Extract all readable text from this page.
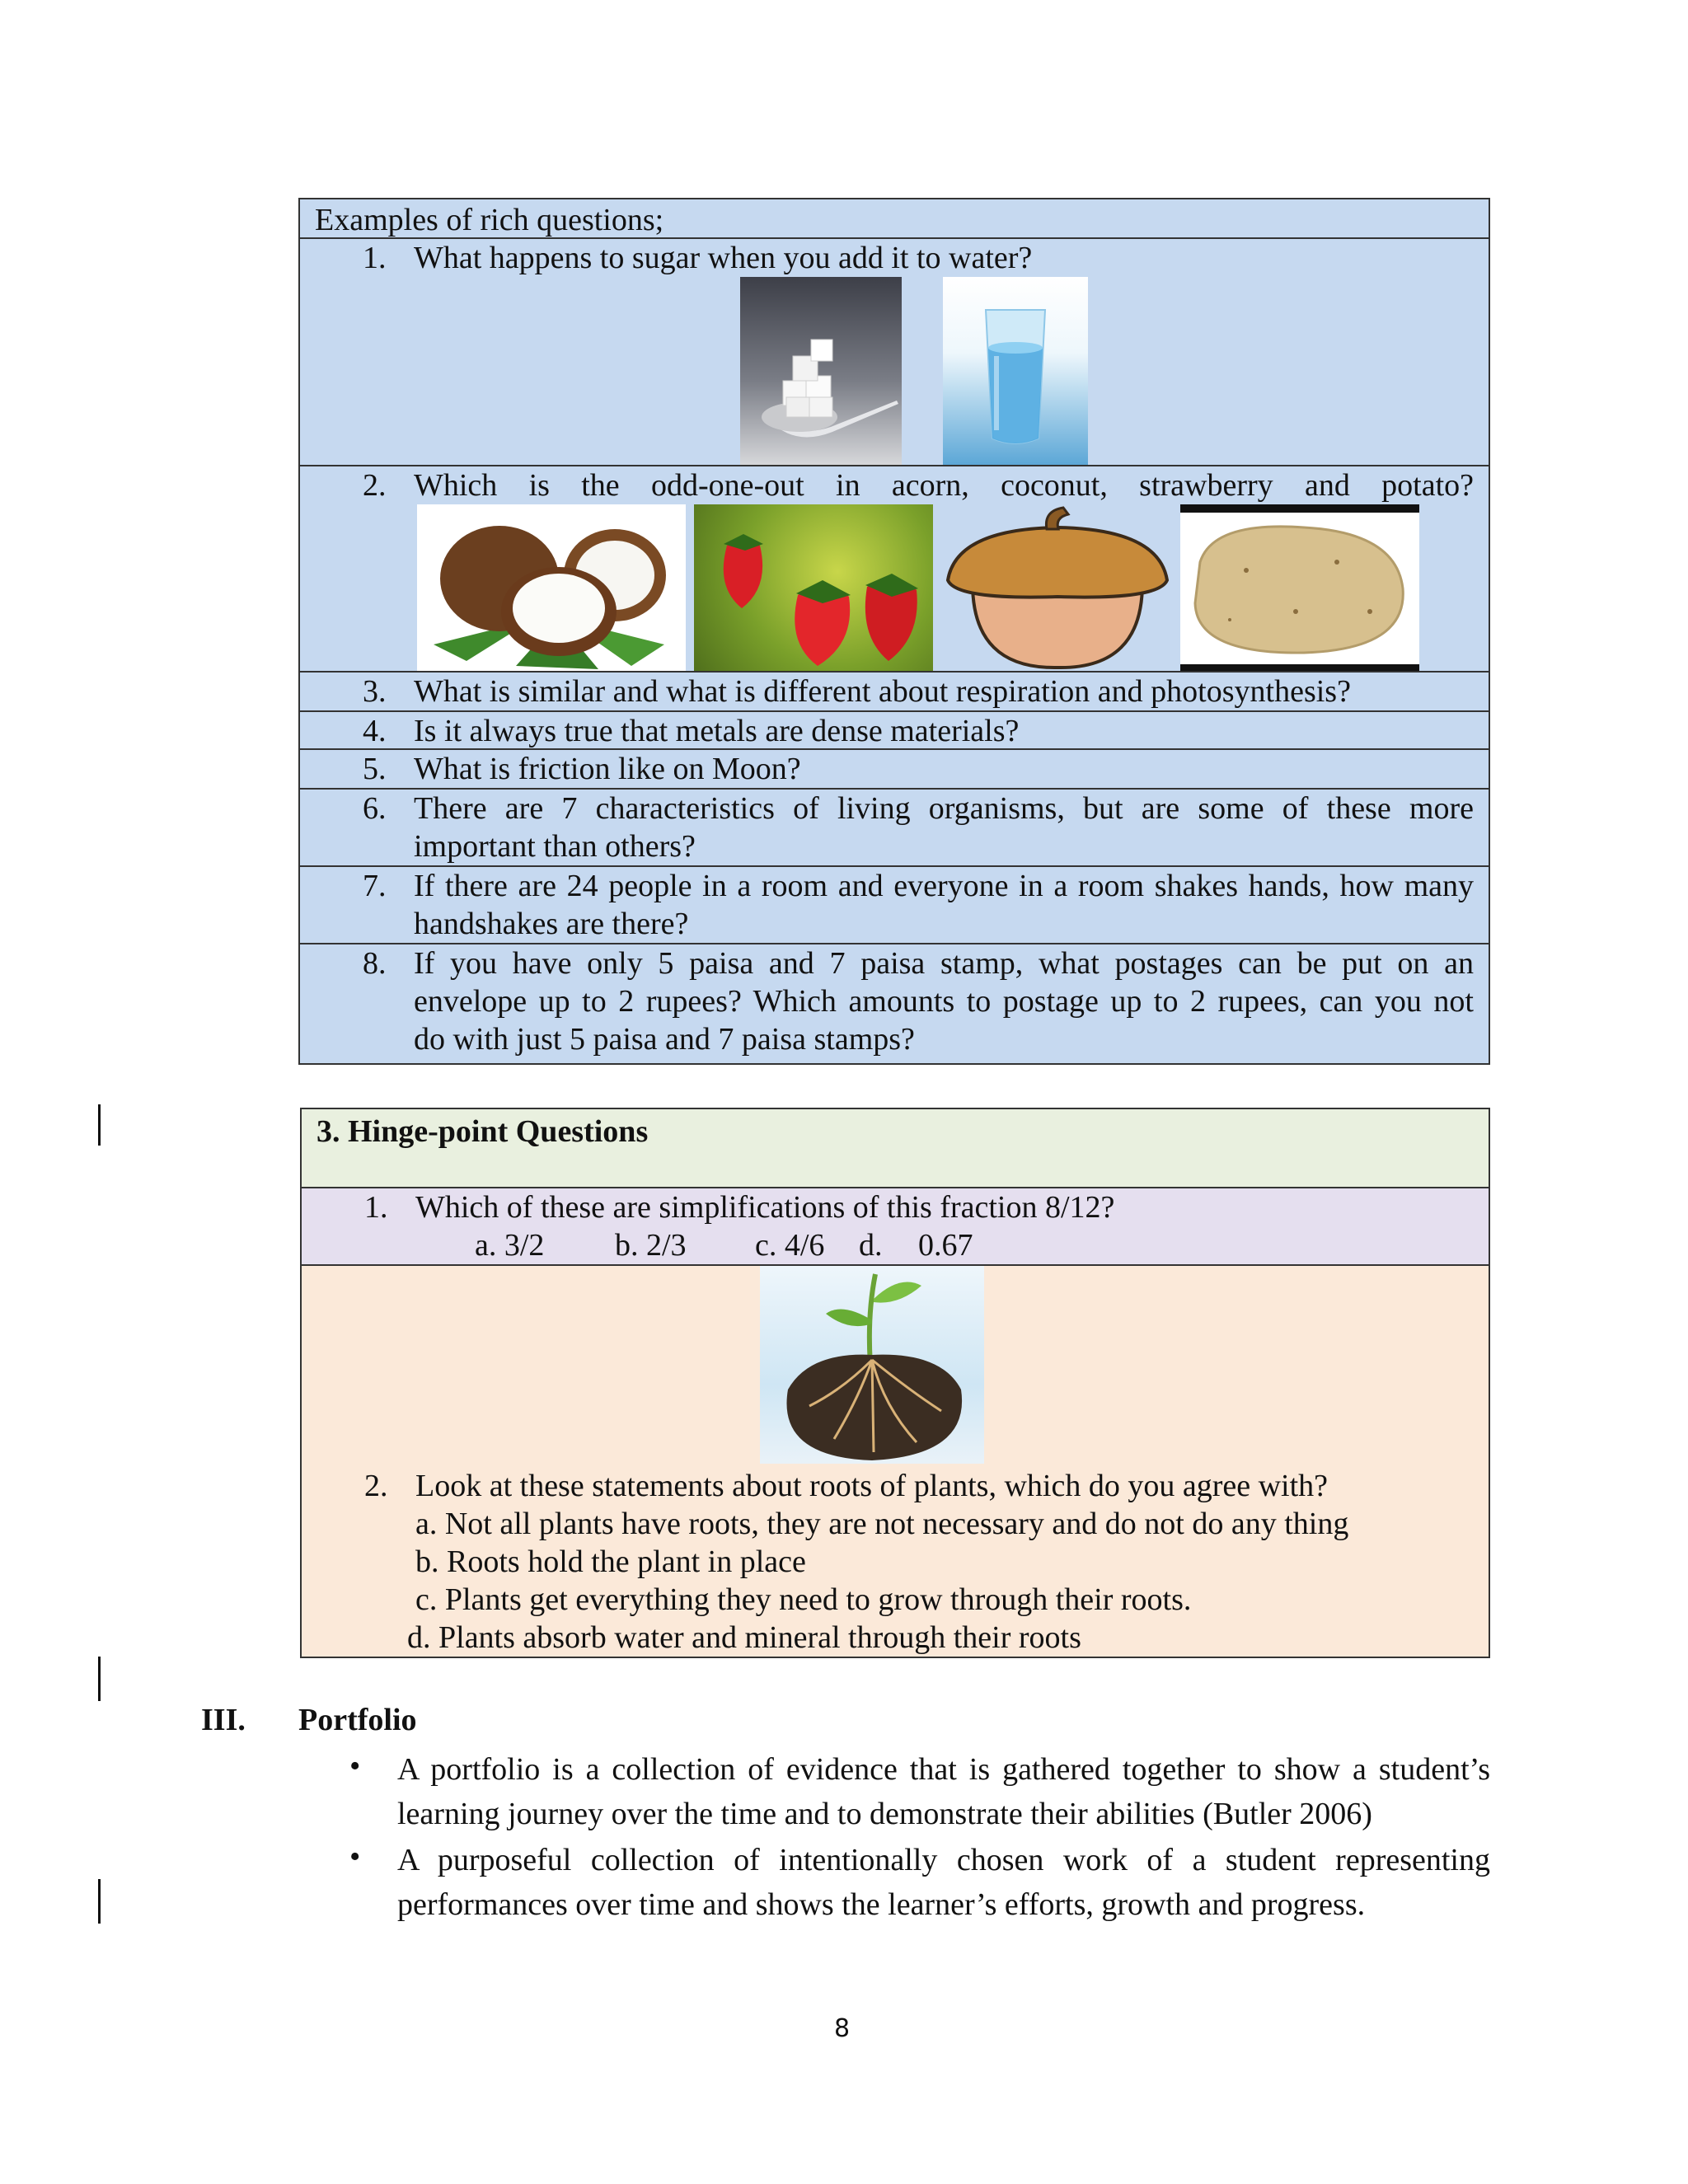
Examples of rich questions;
1. What happens to sugar when you add it to water?
2. Which is the odd-one-out in acorn, coconut, strawberry and potato?
3. What is similar and what is different about respiration and photosynthesis?
4. Is it always true that metals are dense materials?
5. What is friction like on Moon?
6. There are 7 characteristics of living organisms, but are some of these more
important than others?
7. If there are 24 people in a room and everyone in a room shakes hands, how many
handshakes are there?
8. If you have only 5 paisa and 7 paisa stamp, what postages can be put on an
envelope up to 2 rupees? Which amounts to postage up to 2 rupees, can you not
do with just 5 paisa and 7 paisa stamps?
3. Hinge-point Questions
1. Which of these are simplifications of this fraction 8/12?
a. 3/2 b. 2/3 c. 4/6 d. 0.67
2. Look at these statements about roots of plants, which do you agree with?
a. Not all plants have roots, they are not necessary and do not do any thing
b. Roots hold the plant in place
c. Plants get everything they need to grow through their roots.
d. Plants absorb water and mineral through their roots
III. Portfolio
• A portfolio is a collection of evidence that is gathered together to show a student’s
learning journey over the time and to demonstrate their abilities (Butler 2006)
• A purposeful collection of intentionally chosen work of a student representing
performances over time and shows the learner’s efforts, growth and progress.
8
